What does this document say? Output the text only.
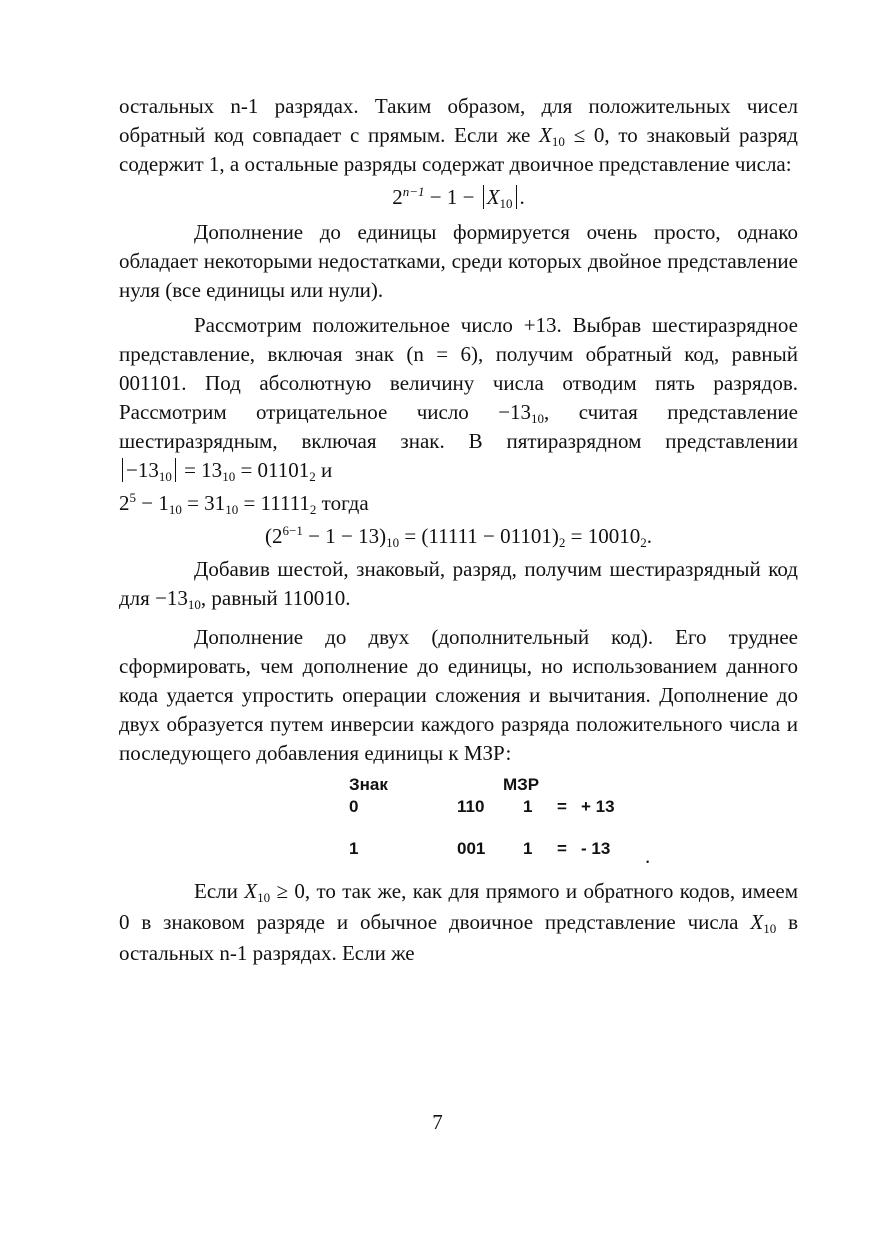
остальных n-1 разрядах. Таким образом, для положительных чисел обратный код совпадает с прямым. Если же $X_{10} \le 0$, то знаковый разряд содержит 1, а остальные разряды содержат двоичное представление числа:

$2^{n-1} - 1 - X_{10}$ .

Дополнение до единицы формируется очень просто, однако обладает некоторыми недостатками, среди которых двойное представление нуля (все единицы или нули).

Рассмотрим положительное число +13. Выбрав шестиразрядное представление, включая знак (n = 6), получим обратный код, равный 001101. Под абсолютную величину числа отводим пять разрядов. Рассмотрим отрицательное число $-13_{10}$, считая представление шестиразрядным, включая знак. В пятиразрядном представлении $-13_{10} = 13_{10} = 01101_2$ и

$2^5 - 1_{10} = 31_{10} = 11111_2$ тогда

$(2^{6-1} - 1 - 13)_{10} = (11111 - 01101)_2 = 10010_2$.

Добавив шестой, знаковый, разряд, получим шестиразрядный код для $-13_{10}$, равный 110010.

Дополнение до двух (дополнительный код). Его труднее сформировать, чем дополнение до единицы, но использованием данного кода удается упростить операции сложения и вычитания. Дополнение до двух образуется путем инверсии каждого разряда положительного числа и последующего добавления единицы к МЗР:

Знак	МЗР
0	110 1 = + 13
1	001 1 = - 13 .

Если $X_{10} \ge 0$, то так же, как для прямого и обратного кодов, имеем 0 в знаковом разряде и обычное двоичное представление числа $X_{10}$ в остальных n-1 разрядах. Если же

7
